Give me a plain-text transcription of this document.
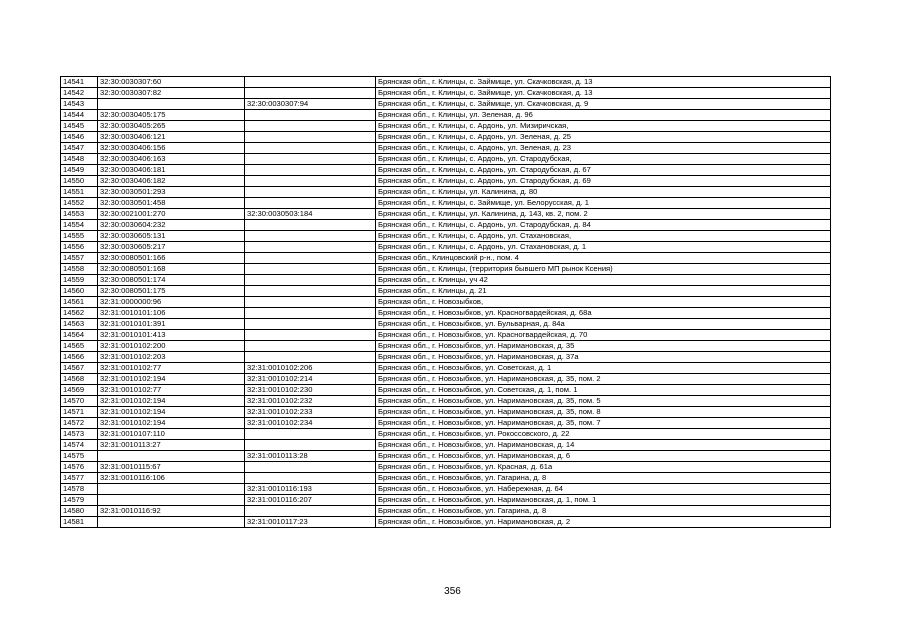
14541	32:30:0030307:60		Брянская обл., г. Клинцы, с. Займище, ул. Скачковская, д. 13
14542	32:30:0030307:82		Брянская обл., г. Клинцы, с. Займище, ул. Скачковская, д. 13
14543		32:30:0030307:94	Брянская обл., г. Клинцы, с. Займище, ул. Скачковская, д. 9
14544	32:30:0030405:175		Брянская обл., г. Клинцы, ул. Зеленая, д. 96
14545	32:30:0030405:265		Брянская обл., г. Клинцы, с. Ардонь, ул. Мизиричская,
14546	32:30:0030406:121		Брянская обл., г. Клинцы, с. Ардонь, ул. Зеленая, д. 25
14547	32:30:0030406:156		Брянская обл., г. Клинцы, с. Ардонь, ул. Зеленая, д. 23
14548	32:30:0030406:163		Брянская обл., г. Клинцы, с. Ардонь, ул. Стародубская,
14549	32:30:0030406:181		Брянская обл., г. Клинцы, с. Ардонь, ул. Стародубская, д. 67
14550	32:30:0030406:182		Брянская обл., г. Клинцы, с. Ардонь, ул. Стародубская, д. 69
14551	32:30:0030501:293		Брянская обл., г. Клинцы, ул. Калинина, д. 80
14552	32:30:0030501:458		Брянская обл., г. Клинцы, с. Займище, ул. Белорусская, д. 1
14553	32:30:0021001:270	32:30:0030503:184	Брянская обл., г. Клинцы, ул. Калинина, д. 143, кв. 2, пом. 2
14554	32:30:0030604:232		Брянская обл., г. Клинцы, с. Ардонь, ул. Стародубская, д. 84
14555	32:30:0030605:131		Брянская обл., г. Клинцы, с. Ардонь, ул. Стахановская,
14556	32:30:0030605:217		Брянская обл., г. Клинцы, с. Ардонь, ул. Стахановская, д. 1
14557	32:30:0080501:166		Брянская обл., Клинцовский р-н., пом. 4
14558	32:30:0080501:168		Брянская обл., г. Клинцы, (территория бывшего МП рынок Ксения)
14559	32:30:0080501:174		Брянская обл., г. Клинцы, уч 42
14560	32:30:0080501:175		Брянская обл., г. Клинцы, д. 21
14561	32:31:0000000:96		Брянская обл., г. Новозыбков,
14562	32:31:0010101:106		Брянская обл., г. Новозыбков, ул. Красногвардейская, д. 68а
14563	32:31:0010101:391		Брянская обл., г. Новозыбков, ул. Бульварная, д. 84а
14564	32:31:0010101:413		Брянская обл., г. Новозыбков, ул. Красногвардейская, д. 70
14565	32:31:0010102:200		Брянская обл., г. Новозыбков, ул. Наримановская, д. 35
14566	32:31:0010102:203		Брянская обл., г. Новозыбков, ул. Наримановская, д. 37а
14567	32:31:0010102:77	32:31:0010102:206	Брянская обл., г. Новозыбков, ул. Советская, д. 1
14568	32:31:0010102:194	32:31:0010102:214	Брянская обл., г. Новозыбков, ул. Наримановская, д. 35, пом. 2
14569	32:31:0010102:77	32:31:0010102:230	Брянская обл., г. Новозыбков, ул. Советская, д. 1, пом. 1
14570	32:31:0010102:194	32:31:0010102:232	Брянская обл., г. Новозыбков, ул. Наримановская, д. 35, пом. 5
14571	32:31:0010102:194	32:31:0010102:233	Брянская обл., г. Новозыбков, ул. Наримановская, д. 35, пом. 8
14572	32:31:0010102:194	32:31:0010102:234	Брянская обл., г. Новозыбков, ул. Наримановская, д. 35, пом. 7
14573	32:31:0010107:110		Брянская обл., г. Новозыбков, ул. Рокоссовского, д. 22
14574	32:31:0010113:27		Брянская обл., г. Новозыбков, ул. Наримановская, д. 14
14575		32:31:0010113:28	Брянская обл., г. Новозыбков, ул. Наримановская, д. 6
14576	32:31:0010115:67		Брянская обл., г. Новозыбков, ул. Красная, д. 61а
14577	32:31:0010116:106		Брянская обл., г. Новозыбков, ул. Гагарина, д. 8
14578		32:31:0010116:193	Брянская обл., г. Новозыбков, ул. Набережная, д. 64
14579		32:31:0010116:207	Брянская обл., г. Новозыбков, ул. Наримановская, д. 1, пом. 1
14580	32:31:0010116:92		Брянская обл., г. Новозыбков, ул. Гагарина, д. 8
14581		32:31:0010117:23	Брянская обл., г. Новозыбков, ул. Наримановская, д. 2
356
